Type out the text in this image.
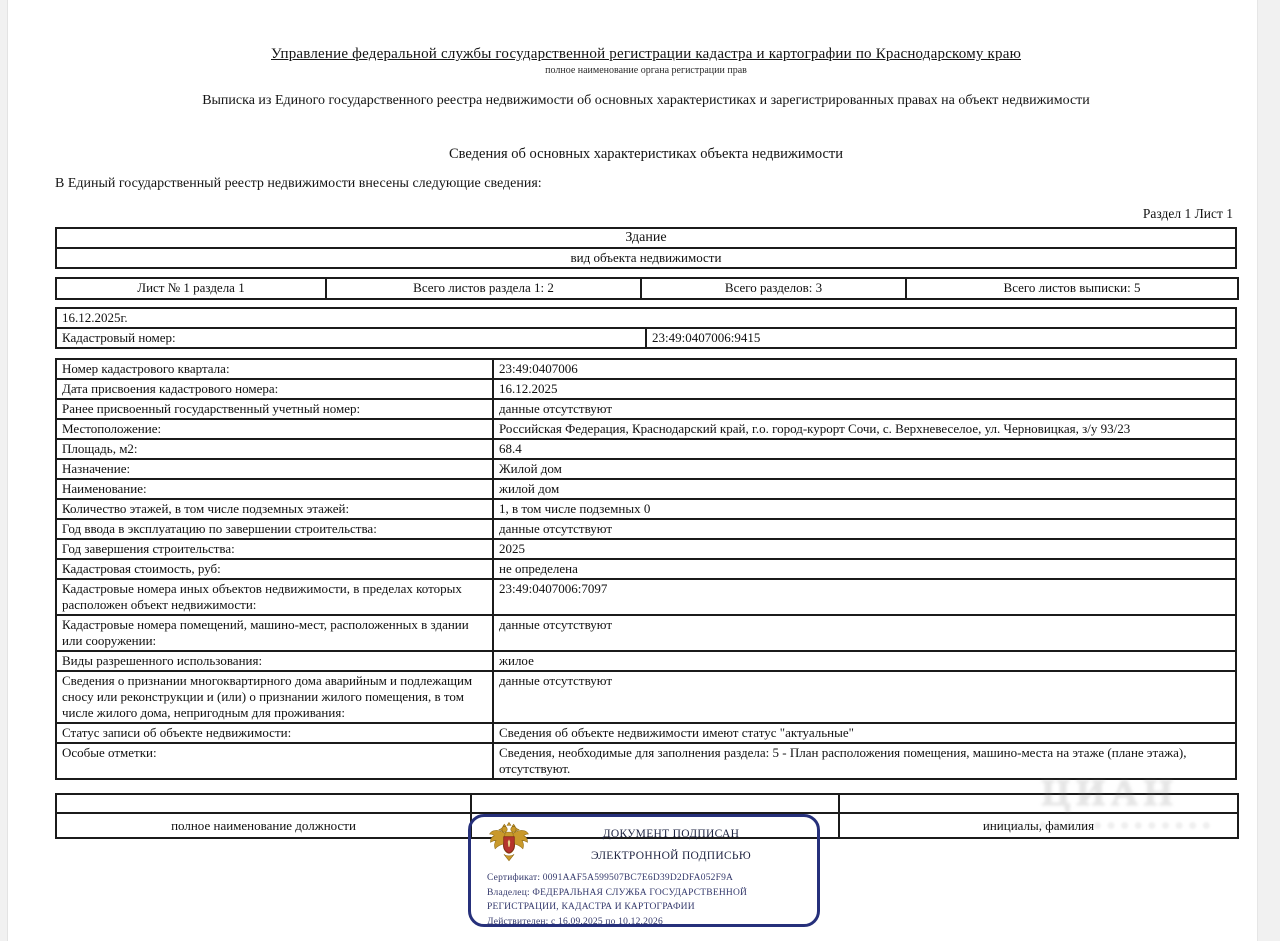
ЦИАН
Управление федеральной службы государственной регистрации кадастра и картографии по Краснодарскому краю
полное наименование органа регистрации прав
Выписка из Единого государственного реестра недвижимости об основных характеристиках и зарегистрированных правах на объект недвижимости
Сведения об основных характеристиках объекта недвижимости
В Единый государственный реестр недвижимости внесены следующие сведения:
Раздел 1 Лист 1
Здание
вид объекта недвижимости
Лист № 1 раздела 1	Всего листов раздела 1: 2	Всего разделов: 3	Всего листов выписки: 5
16.12.2025г.
Кадастровый номер:	23:49:0407006:9415
Номер кадастрового квартала:	23:49:0407006
Дата присвоения кадастрового номера:	16.12.2025
Ранее присвоенный государственный учетный номер:	данные отсутствуют
Местоположение:	Российская Федерация, Краснодарский край, г.о. город-курорт Сочи, с. Верхневеселое, ул. Черновицкая, з/у 93/23
Площадь, м2:	68.4
Назначение:	Жилой дом
Наименование:	жилой дом
Количество этажей, в том числе подземных этажей:	1, в том числе подземных 0
Год ввода в эксплуатацию по завершении строительства:	данные отсутствуют
Год завершения строительства:	2025
Кадастровая стоимость, руб:	не определена
Кадастровые номера иных объектов недвижимости, в пределах которых расположен объект недвижимости:	23:49:0407006:7097
Кадастровые номера помещений, машино-мест, расположенных в здании или сооружении:	данные отсутствуют
Виды разрешенного использования:	жилое
Сведения о признании многоквартирного дома аварийным и подлежащим сносу или реконструкции и (или) о признании жилого помещения, в том числе жилого дома, непригодным для проживания:	данные отсутствуют
Статус записи об объекте недвижимости:	Сведения об объекте недвижимости имеют статус "актуальные"
Особые отметки:	Сведения, необходимые для заполнения раздела: 5 - План расположения помещения, машино-места на этаже (плане этажа), отсутствуют.

полное наименование должности		инициалы, фамилия
ДОКУМЕНТ ПОДПИСАН
ЭЛЕКТРОННОЙ ПОДПИСЬЮ
Сертификат: 0091AAF5A599507BC7E6D39D2DFA052F9A
Владелец: ФЕДЕРАЛЬНАЯ СЛУЖБА ГОСУДАРСТВЕННОЙ
РЕГИСТРАЦИИ, КАДАСТРА И КАРТОГРАФИИ
Действителен: с 16.09.2025 по 10.12.2026
